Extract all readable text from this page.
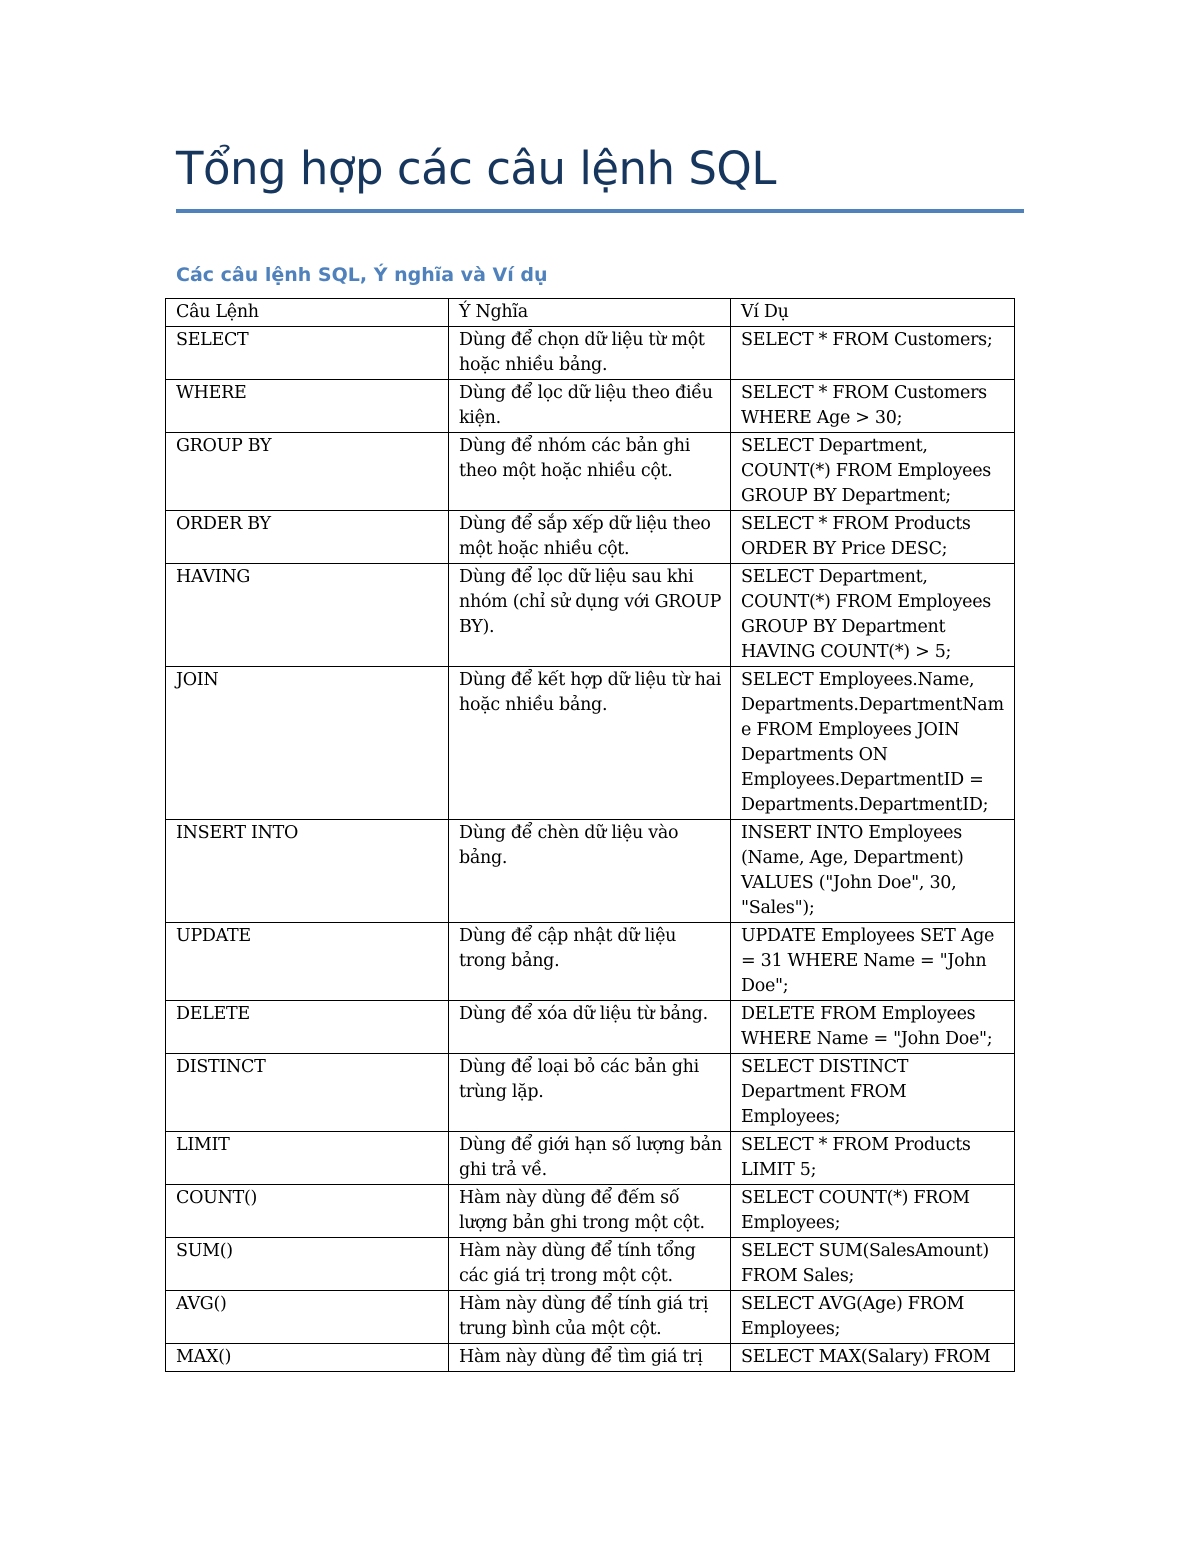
Tổng hợp các câu lệnh SQL
Các câu lệnh SQL, Ý nghĩa và Ví dụ
Câu Lệnh	Ý Nghĩa	Ví Dụ
SELECT	Dùng để chọn dữ liệu từ một hoặc nhiều bảng.	SELECT * FROM Customers;
WHERE	Dùng để lọc dữ liệu theo điều kiện.	SELECT * FROM Customers WHERE Age > 30;
GROUP BY	Dùng để nhóm các bản ghi theo một hoặc nhiều cột.	SELECT Department, COUNT(*) FROM Employees GROUP BY Department;
ORDER BY	Dùng để sắp xếp dữ liệu theo một hoặc nhiều cột.	SELECT * FROM Products ORDER BY Price DESC;
HAVING	Dùng để lọc dữ liệu sau khi nhóm (chỉ sử dụng với GROUP BY).	SELECT Department, COUNT(*) FROM Employees GROUP BY Department HAVING COUNT(*) > 5;
JOIN	Dùng để kết hợp dữ liệu từ hai hoặc nhiều bảng.	SELECT Employees.Name, Departments.DepartmentName FROM Employees JOIN Departments ON Employees.DepartmentID = Departments.DepartmentID;
INSERT INTO	Dùng để chèn dữ liệu vào bảng.	INSERT INTO Employees (Name, Age, Department) VALUES ("John Doe", 30, "Sales");
UPDATE	Dùng để cập nhật dữ liệu trong bảng.	UPDATE Employees SET Age = 31 WHERE Name = "John Doe";
DELETE	Dùng để xóa dữ liệu từ bảng.	DELETE FROM Employees WHERE Name = "John Doe";
DISTINCT	Dùng để loại bỏ các bản ghi trùng lặp.	SELECT DISTINCT Department FROM Employees;
LIMIT	Dùng để giới hạn số lượng bản ghi trả về.	SELECT * FROM Products LIMIT 5;
COUNT()	Hàm này dùng để đếm số lượng bản ghi trong một cột.	SELECT COUNT(*) FROM Employees;
SUM()	Hàm này dùng để tính tổng các giá trị trong một cột.	SELECT SUM(SalesAmount) FROM Sales;
AVG()	Hàm này dùng để tính giá trị trung bình của một cột.	SELECT AVG(Age) FROM Employees;
MAX()	Hàm này dùng để tìm giá trị	SELECT MAX(Salary) FROM
